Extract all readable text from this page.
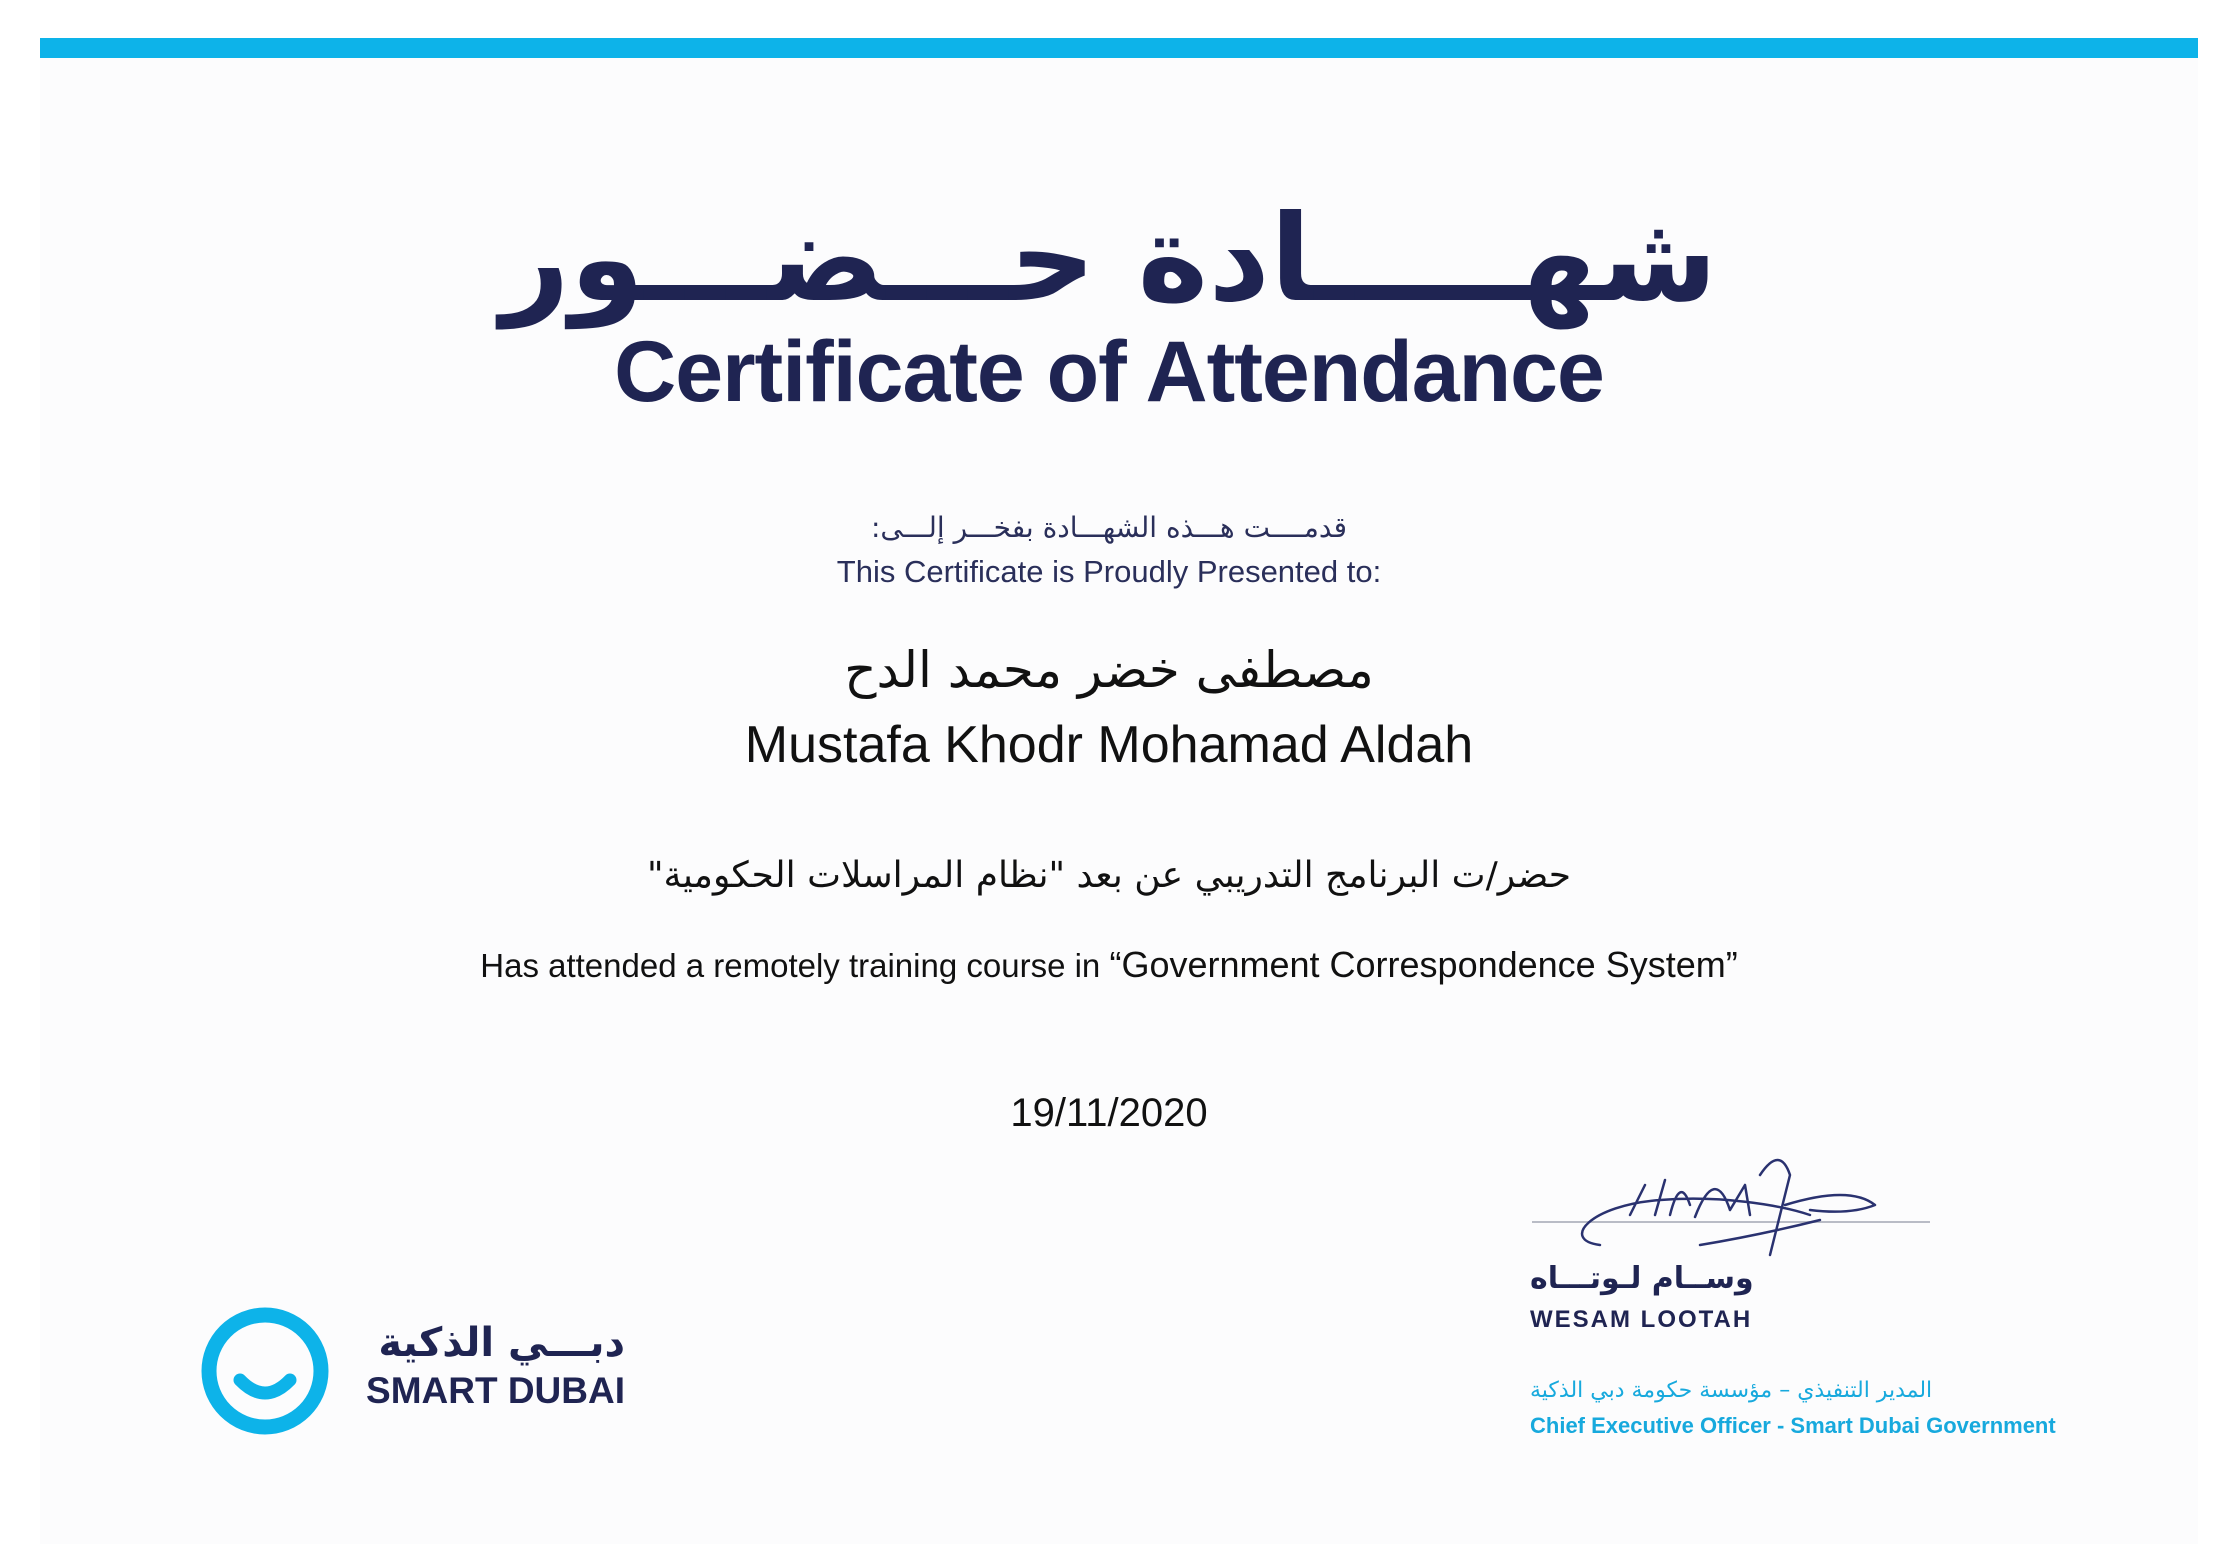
شهـــــادة حـــضـــور
Certificate of Attendance
قدمــــت هـــذه الشهـــادة بفخـــر إلـــى:
This Certificate is Proudly Presented to:
مصطفى خضر محمد الدح
Mustafa Khodr Mohamad Aldah
حضر/ت البرنامج التدريبي عن بعد "نظام المراسلات الحكومية"
Has attended a remotely training course in “Government Correspondence System”
19/11/2020
دبـــي الذكية
SMART DUBAI
وســام لـوتـــاه
WESAM LOOTAH
المدير التنفيذي – مؤسسة حكومة دبي الذكية
Chief Executive Officer - Smart Dubai Government
